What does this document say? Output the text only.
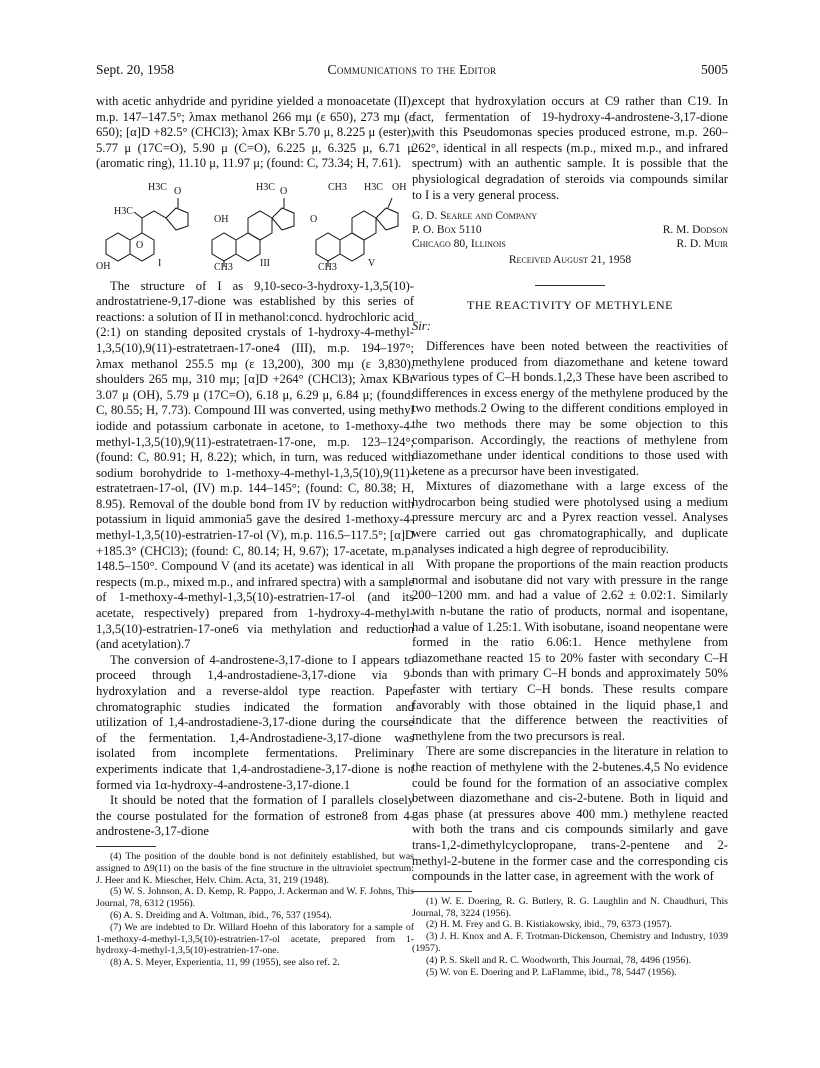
Sept. 20, 1958	Communications to the Editor	5005

with acetic anhydride and pyridine yielded a monoacetate (II), m.p. 147–147.5°; λmax methanol 266 mμ (ε 650), 273 mμ (ε 650); [α]D +82.5° (CHCl3); λmax KBr 5.70 μ, 8.225 μ (ester), 5.77 μ (17C=O), 5.90 μ (C=O), 6.225 μ, 6.325 μ, 6.71 μ (aromatic ring), 11.10 μ, 11.97 μ; (found: C, 73.34; H, 7.61).

H3C O
H3C
O
OH	I
H3C O
OH
CH3	III
CH3
O
H3C OH
CH3	V

The structure of I as 9,10-seco-3-hydroxy-1,3,5(10)-androstatriene-9,17-dione was established by this series of reactions: a solution of II in methanol:concd. hydrochloric acid (2:1) on standing deposited crystals of 1-hydroxy-4-methyl-1,3,5(10),9(11)-estratetraen-17-one4 (III), m.p. 194–197°; λmax methanol 255.5 mμ (ε 13,200), 300 mμ (ε 3,830), shoulders 265 mμ, 310 mμ; [α]D +264° (CHCl3); λmax KBr 3.07 μ (OH), 5.79 μ (17C=O), 6.18 μ, 6.29 μ, 6.84 μ; (found: C, 80.55; H, 7.73). Compound III was converted, using methyl iodide and potassium carbonate in acetone, to 1-methoxy-4-methyl-1,3,5(10),9(11)-estratetraen-17-one, m.p. 123–124°; (found: C, 80.91; H, 8.22); which, in turn, was reduced with sodium borohydride to 1-methoxy-4-methyl-1,3,5(10),9(11)-estratetraen-17-ol, (IV) m.p. 144–145°; (found: C, 80.38; H, 8.95). Removal of the double bond from IV by reduction with potassium in liquid ammonia5 gave the desired 1-methoxy-4-methyl-1,3,5(10)-estratrien-17-ol (V), m.p. 116.5–117.5°; [α]D +185.3° (CHCl3); (found: C, 80.14; H, 9.67); 17-acetate, m.p. 148.5–150°. Compound V (and its acetate) was identical in all respects (m.p., mixed m.p., and infrared spectra) with a sample of 1-methoxy-4-methyl-1,3,5(10)-estratrien-17-ol (and its acetate, respectively) prepared from 1-hydroxy-4-methyl-1,3,5(10)-estratrien-17-one6 via methylation and reduction (and acetylation).7

The conversion of 4-androstene-3,17-dione to I appears to proceed through 1,4-androstadiene-3,17-dione via 9-hydroxylation and a reverse-aldol type reaction. Paper chromatographic studies indicated the formation and utilization of 1,4-androstadiene-3,17-dione during the course of the fermentation. 1,4-Androstadiene-3,17-dione was isolated from incomplete fermentations. Preliminary experiments indicate that 1,4-androstadiene-3,17-dione is not formed via 1α-hydroxy-4-androstene-3,17-dione.1

It should be noted that the formation of I parallels closely the course postulated for the formation of estrone8 from 4-androstene-3,17-dione

(4) The position of the double bond is not definitely established, but was assigned to Δ9(11) on the basis of the fine structure in the ultraviolet spectrum: J. Heer and K. Miescher, Helv. Chim. Acta, 31, 219 (1948).

(5) W. S. Johnson, A. D. Kemp, R. Pappo, J. Ackerman and W. F. Johns, This Journal, 78, 6312 (1956).

(6) A. S. Dreiding and A. Voltman, ibid., 76, 537 (1954).

(7) We are indebted to Dr. Willard Hoehn of this laboratory for a sample of 1-methoxy-4-methyl-1,3,5(10)-estratrien-17-ol acetate, prepared from 1-hydroxy-4-methyl-1,3,5(10)-estratrien-17-one.

(8) A. S. Meyer, Experientia, 11, 99 (1955), see also ref. 2.

except that hydroxylation occurs at C9 rather than C19. In fact, fermentation of 19-hydroxy-4-androstene-3,17-dione with this Pseudomonas species produced estrone, m.p. 260–262°, identical in all respects (m.p., mixed m.p., and infrared spectrum) with an authentic sample. It is possible that the physiological degradation of steroids via compounds similar to I is a very general process.

G. D. Searle and Company
P. O. Box 5110	R. M. Dodson
Chicago 80, Illinois	R. D. Muir
Received August 21, 1958
THE REACTIVITY OF METHYLENE
Sir:

Differences have been noted between the reactivities of methylene produced from diazomethane and ketene toward various types of C–H bonds.1,2,3 These have been ascribed to differences in excess energy of the methylene produced by the two methods.2 Owing to the different conditions employed in the two methods there may be some objection to this comparison. Accordingly, the reactions of methylene from diazomethane under identical conditions to those used with ketene as a precursor have been investigated.

Mixtures of diazomethane with a large excess of the hydrocarbon being studied were photolysed using a medium pressure mercury arc and a Pyrex reaction vessel. Analyses were carried out gas chromatographically, and duplicate analyses indicated a high degree of reproducibility.

With propane the proportions of the main reaction products normal and isobutane did not vary with pressure in the range 200–1200 mm. and had a value of 2.62 ± 0.02:1. Similarly with n-butane the ratio of products, normal and isopentane, had a value of 1.25:1. With isobutane, isoand neopentane were formed in the ratio 6.06:1. Hence methylene from diazomethane reacted 15 to 20% faster with secondary C–H bonds than with primary C–H bonds and approximately 50% faster with tertiary C–H bonds. These results compare favorably with those obtained in the liquid phase,1 and indicate that the difference between the reactivities of methylene from the two precursors is real.

There are some discrepancies in the literature in relation to the reaction of methylene with the 2-butenes.4,5 No evidence could be found for the formation of an associative complex between diazomethane and cis-2-butene. Both in liquid and gas phase (at pressures above 400 mm.) methylene reacted with both the trans and cis compounds similarly and gave trans-1,2-dimethylcyclopropane, trans-2-pentene and 2-methyl-2-butene in the former case and the corresponding cis compounds in the latter case, in agreement with the work of

(1) W. E. Doering, R. G. Butlery, R. G. Laughlin and N. Chaudhuri, This Journal, 78, 3224 (1956).

(2) H. M. Frey and G. B. Kistiakowsky, ibid., 79, 6373 (1957).

(3) J. H. Knox and A. F. Trotman-Dickenson, Chemistry and Industry, 1039 (1957).

(4) P. S. Skell and R. C. Woodworth, This Journal, 78, 4496 (1956).

(5) W. von E. Doering and P. LaFlamme, ibid., 78, 5447 (1956).
